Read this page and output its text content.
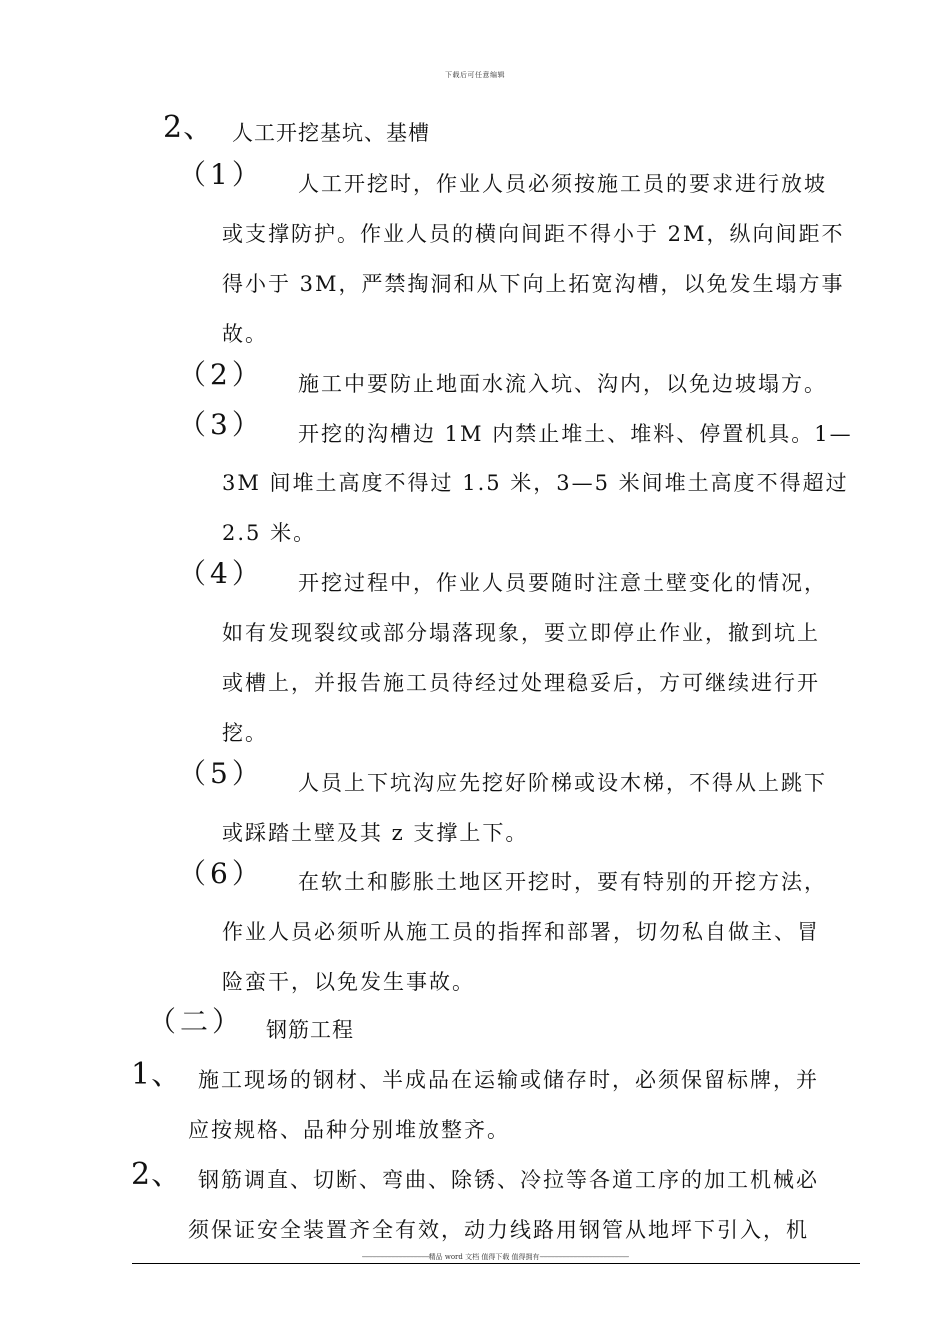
下载后可任意编辑
2、 人工开挖基坑、基槽
（1） 人工开挖时，作业人员必须按施工员的要求进行放坡
或支撑防护。作业人员的横向间距不得小于 2M，纵向间距不
得小于 3M，严禁掏洞和从下向上拓宽沟槽，以免发生塌方事
故。
（2） 施工中要防止地面水流入坑、沟内，以免边坡塌方。
（3） 开挖的沟槽边 1M 内禁止堆土、堆料、停置机具。1—
3M 间堆土高度不得过 1.5 米，3—5 米间堆土高度不得超过
2.5 米。
（4） 开挖过程中，作业人员要随时注意土壁变化的情况，
如有发现裂纹或部分塌落现象，要立即停止作业，撤到坑上
或槽上，并报告施工员待经过处理稳妥后，方可继续进行开
挖。
（5） 人员上下坑沟应先挖好阶梯或设木梯，不得从上跳下
或踩踏土壁及其 z 支撑上下。
（6） 在软土和膨胀土地区开挖时，要有特别的开挖方法，
作业人员必须听从施工员的指挥和部署，切勿私自做主、冒
险蛮干，以免发生事故。
（二） 钢筋工程
1、 施工现场的钢材、半成品在运输或储存时，必须保留标牌，并
应按规格、品种分别堆放整齐。
2、 钢筋调直、切断、弯曲、除锈、冷拉等各道工序的加工机械必
须保证安全装置齐全有效，动力线路用钢管从地坪下引入，机
-------------------------------------------------精品 word 文档 值得下载 值得拥有-----------------------------------------------------------------
